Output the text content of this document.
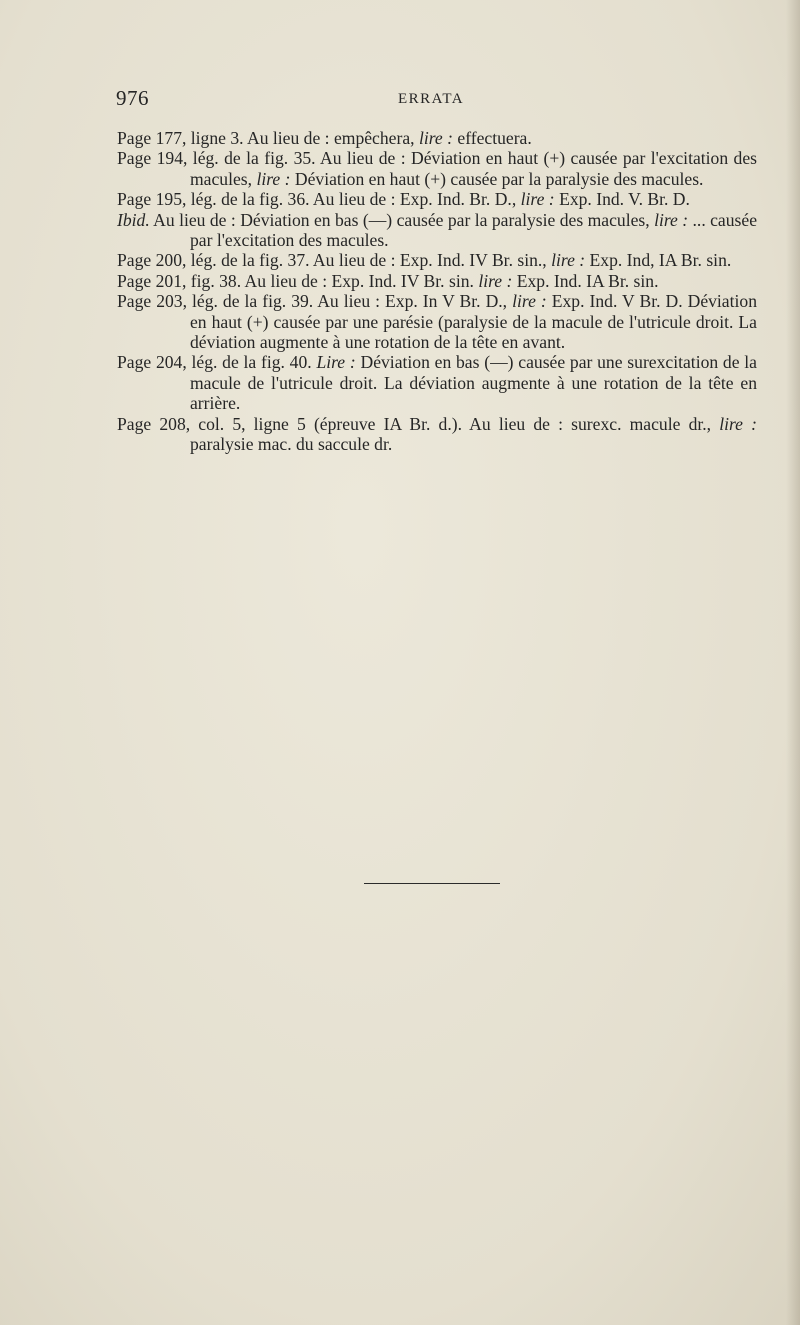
976	ERRATA

Page 177, ligne 3. Au lieu de : empêchera, lire : effectuera.

Page 194, lég. de la fig. 35. Au lieu de : Déviation en haut (+) causée par l'excitation des macules, lire : Déviation en haut (+) causée par la paralysie des macules.

Page 195, lég. de la fig. 36. Au lieu de : Exp. Ind. Br. D., lire : Exp. Ind. V. Br. D.

Ibid. Au lieu de : Déviation en bas (—) causée par la paralysie des macules, lire : ... causée par l'excitation des macules.

Page 200, lég. de la fig. 37. Au lieu de : Exp. Ind. IV Br. sin., lire : Exp. Ind, IA Br. sin.

Page 201, fig. 38. Au lieu de : Exp. Ind. IV Br. sin. lire : Exp. Ind. IA Br. sin.

Page 203, lég. de la fig. 39. Au lieu : Exp. In V Br. D., lire : Exp. Ind. V Br. D. Déviation en haut (+) causée par une parésie (paralysie de la macule de l'utricule droit. La déviation augmente à une rotation de la tête en avant.

Page 204, lég. de la fig. 40. Lire : Déviation en bas (—) causée par une surexcitation de la macule de l'utricule droit. La déviation augmente à une rotation de la tête en arrière.

Page 208, col. 5, ligne 5 (épreuve IA Br. d.). Au lieu de : surexc. macule dr., lire : paralysie mac. du saccule dr.
